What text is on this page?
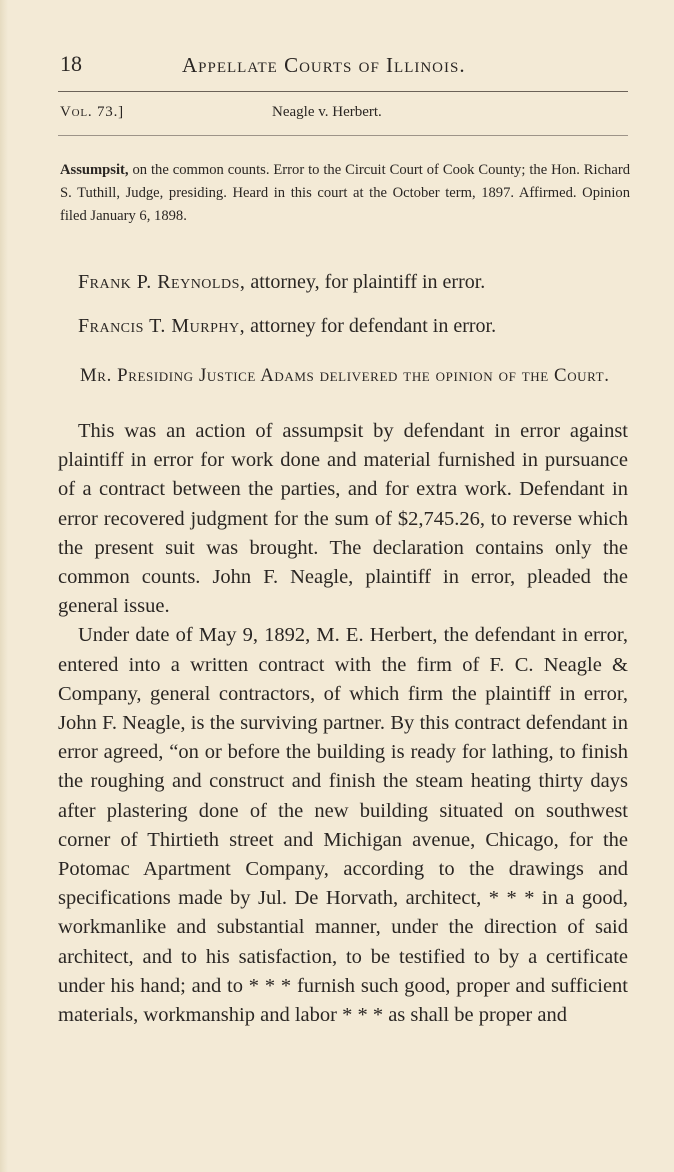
18	Appellate Courts of Illinois.
Vol. 73.]	Neagle v. Herbert.
Assumpsit, on the common counts. Error to the Circuit Court of Cook County; the Hon. Richard S. Tuthill, Judge, presiding. Heard in this court at the October term, 1897. Affirmed. Opinion filed January 6, 1898.
Frank P. Reynolds, attorney, for plaintiff in error.
Francis T. Murphy, attorney for defendant in error.
Mr. Presiding Justice Adams delivered the opinion of the Court.

This was an action of assumpsit by defendant in error against plaintiff in error for work done and material furnished in pursuance of a contract between the parties, and for extra work. Defendant in error recovered judgment for the sum of $2,745.26, to reverse which the present suit was brought. The declaration contains only the common counts. John F. Neagle, plaintiff in error, pleaded the general issue.

Under date of May 9, 1892, M. E. Herbert, the defendant in error, entered into a written contract with the firm of F. C. Neagle & Company, general contractors, of which firm the plaintiff in error, John F. Neagle, is the surviving partner. By this contract defendant in error agreed, “on or before the building is ready for lathing, to finish the roughing and construct and finish the steam heating thirty days after plastering done of the new building situated on southwest corner of Thirtieth street and Michigan avenue, Chicago, for the Potomac Apartment Company, according to the drawings and specifications made by Jul. De Horvath, architect, * * * in a good, workmanlike and substantial manner, under the direction of said architect, and to his satisfaction, to be testified to by a certificate under his hand; and to * * * furnish such good, proper and sufficient materials, workmanship and labor * * * as shall be proper and
